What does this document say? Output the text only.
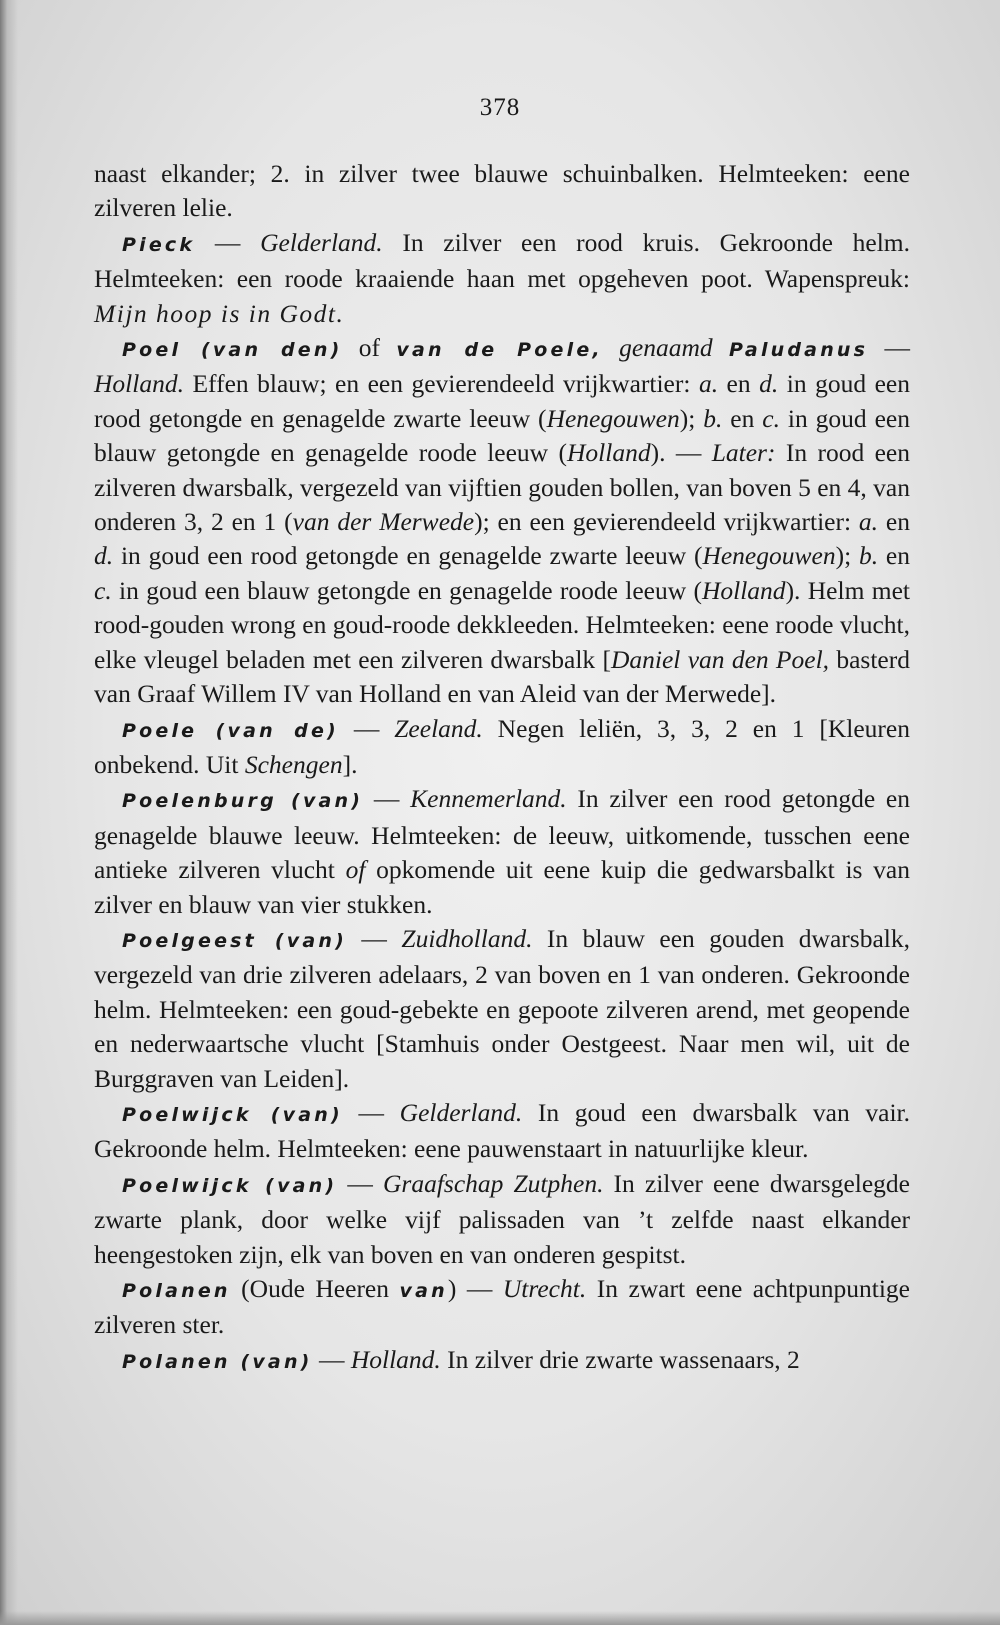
378

naast elkander; 2. in zilver twee blauwe schuinbalken. Helmteeken: eene zilveren lelie.

Pieck — Gelderland. In zilver een rood kruis. Gekroonde helm. Helmteeken: een roode kraaiende haan met opgeheven poot. Wapenspreuk: Mijn hoop is in Godt.

Poel (van den) of van de Poele, genaamd Paludanus — Holland. Effen blauw; en een gevierendeeld vrijkwartier: a. en d. in goud een rood getongde en genagelde zwarte leeuw (Henegouwen); b. en c. in goud een blauw getongde en genagelde roode leeuw (Holland). — Later: In rood een zilveren dwarsbalk, vergezeld van vijftien gouden bollen, van boven 5 en 4, van onderen 3, 2 en 1 (van der Merwede); en een gevierendeeld vrijkwartier: a. en d. in goud een rood getongde en genagelde zwarte leeuw (Henegouwen); b. en c. in goud een blauw getongde en genagelde roode leeuw (Holland). Helm met rood-gouden wrong en goud-roode dekkleeden. Helmteeken: eene roode vlucht, elke vleugel beladen met een zilveren dwarsbalk [Daniel van den Poel, basterd van Graaf Willem IV van Holland en van Aleid van der Merwede].

Poele (van de) — Zeeland. Negen leliën, 3, 3, 2 en 1 [Kleuren onbekend. Uit Schengen].

Poelenburg (van) — Kennemerland. In zilver een rood getongde en genagelde blauwe leeuw. Helmteeken: de leeuw, uitkomende, tusschen eene antieke zilveren vlucht of opkomende uit eene kuip die gedwarsbalkt is van zilver en blauw van vier stukken.

Poelgeest (van) — Zuidholland. In blauw een gouden dwarsbalk, vergezeld van drie zilveren adelaars, 2 van boven en 1 van onderen. Gekroonde helm. Helmteeken: een goud-gebekte en gepoote zilveren arend, met geopende en nederwaartsche vlucht [Stamhuis onder Oestgeest. Naar men wil, uit de Burggraven van Leiden].

Poelwijck (van) — Gelderland. In goud een dwarsbalk van vair. Gekroonde helm. Helmteeken: eene pauwenstaart in natuurlijke kleur.

Poelwijck (van) — Graafschap Zutphen. In zilver eene dwarsgelegde zwarte plank, door welke vijf palissaden van ’t zelfde naast elkander heengestoken zijn, elk van boven en van onderen gespitst.

Polanen (Oude Heeren van) — Utrecht. In zwart eene achtpunpuntige zilveren ster.

Polanen (van) — Holland. In zilver drie zwarte wassenaars, 2
